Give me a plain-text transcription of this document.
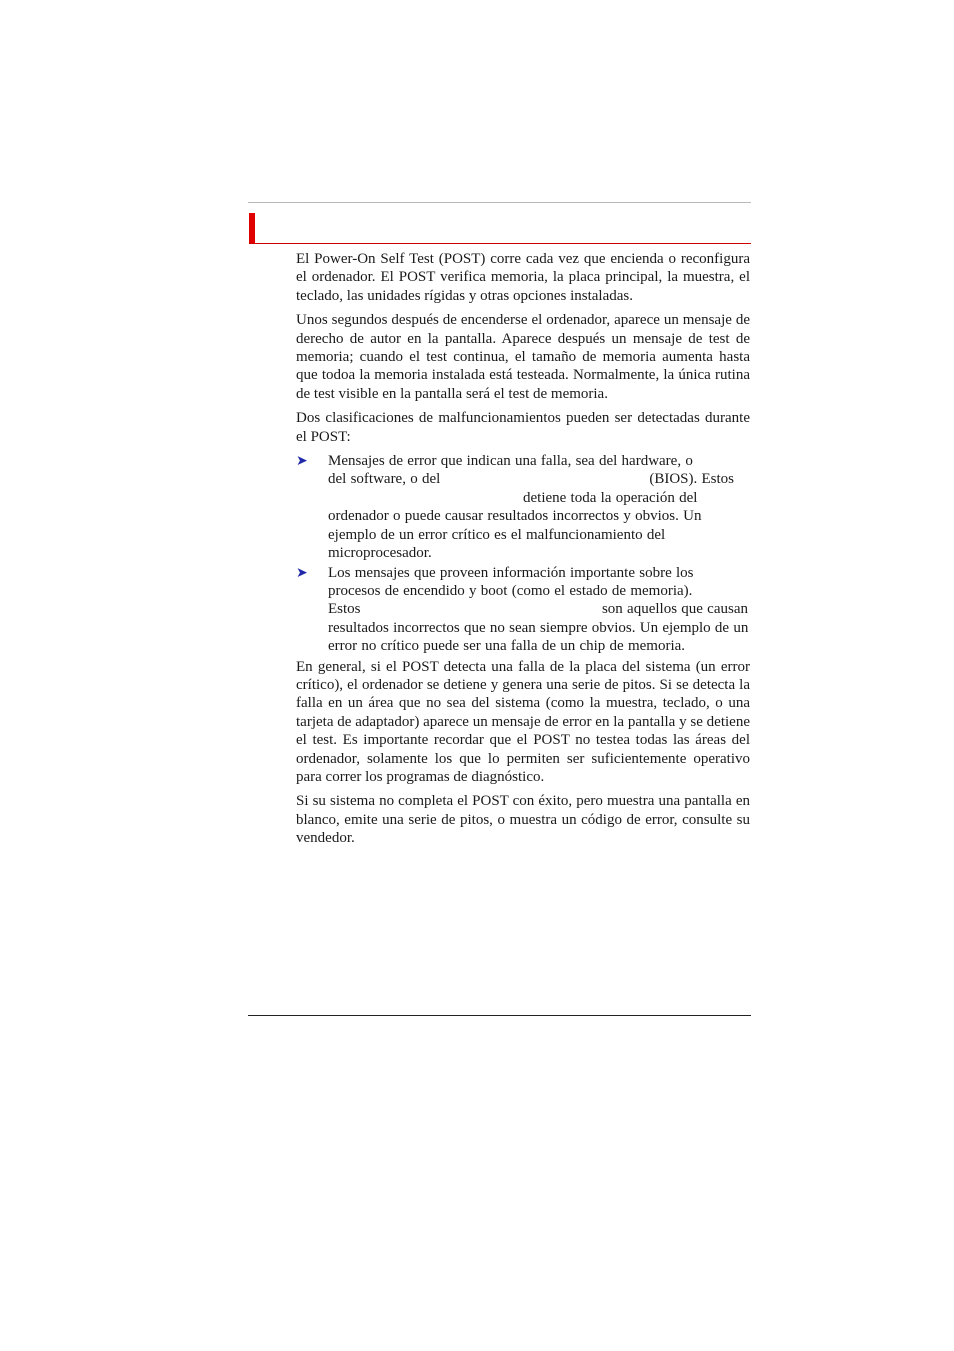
El Power-On Self Test (POST) corre cada vez que encienda o reconfigura el ordenador. El POST verifica memoria, la placa principal, la muestra, el teclado, las unidades rígidas y otras opciones instaladas.

Unos segundos después de encenderse el ordenador, aparece un mensaje de derecho de autor en la pantalla. Aparece después un mensaje de test de memoria; cuando el test continua, el tamaño de memoria aumenta hasta que todoa la memoria instalada está testeada. Normalmente, la única rutina de test visible en la pantalla será el test de memoria.

Dos clasificaciones de malfuncionamientos pueden ser detectadas durante el POST:

➤	Mensajes de error que indican una falla, sea del hardware, o

del software, o del	(BIOS). Estos
detiene toda la operación del
ordenador o puede causar resultados incorrectos y obvios. Un ejemplo de un error crítico es el malfuncionamiento del microprocesador.
➤	Los mensajes que proveen información importante sobre los procesos de encendido y boot (como el estado de memoria).

Estos	son aquellos que causan
resultados incorrectos que no sean siempre obvios. Un ejemplo de un error no crítico puede ser una falla de un chip de memoria.

En general, si el POST detecta una falla de la placa del sistema (un error crítico), el ordenador se detiene y genera una serie de pitos. Si se detecta la falla en un área que no sea del sistema (como la muestra, teclado, o una tarjeta de adaptador) aparece un mensaje de error en la pantalla y se detiene el test. Es importante recordar que el POST no testea todas las áreas del ordenador, solamente los que lo permiten ser suficientemente operativo para correr los programas de diagnóstico.

Si su sistema no completa el POST con éxito, pero muestra una pantalla en blanco, emite una serie de pitos, o muestra un código de error, consulte su vendedor.
